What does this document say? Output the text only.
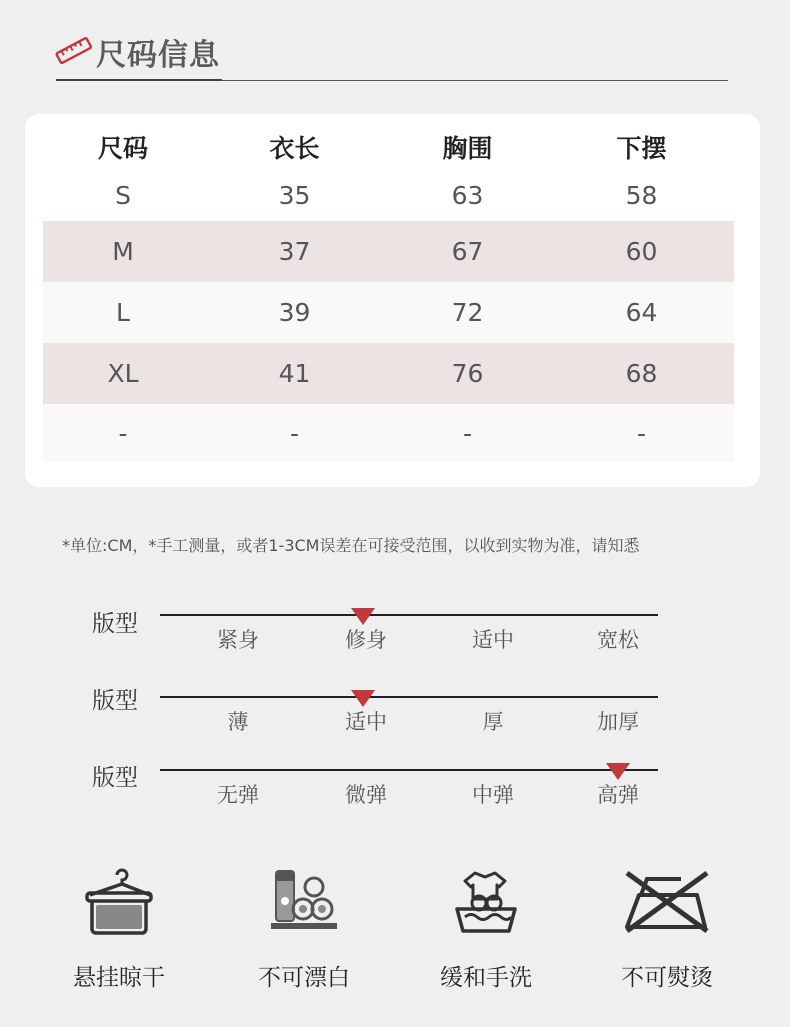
尺码信息
尺码	衣长	胸围	下摆
S	35	63	58
M	37	67	60
L	39	72	64
XL	41	76	68
-	-	-	-
*单位:CM，*手工测量，或者1-3CM误差在可接受范围，以收到实物为准，请知悉
版型
紧身	修身	适中	宽松
版型
薄	适中	厚	加厚
版型
无弹	微弹	中弹	高弹
悬挂晾干	不可漂白	缓和手洗	不可熨烫
